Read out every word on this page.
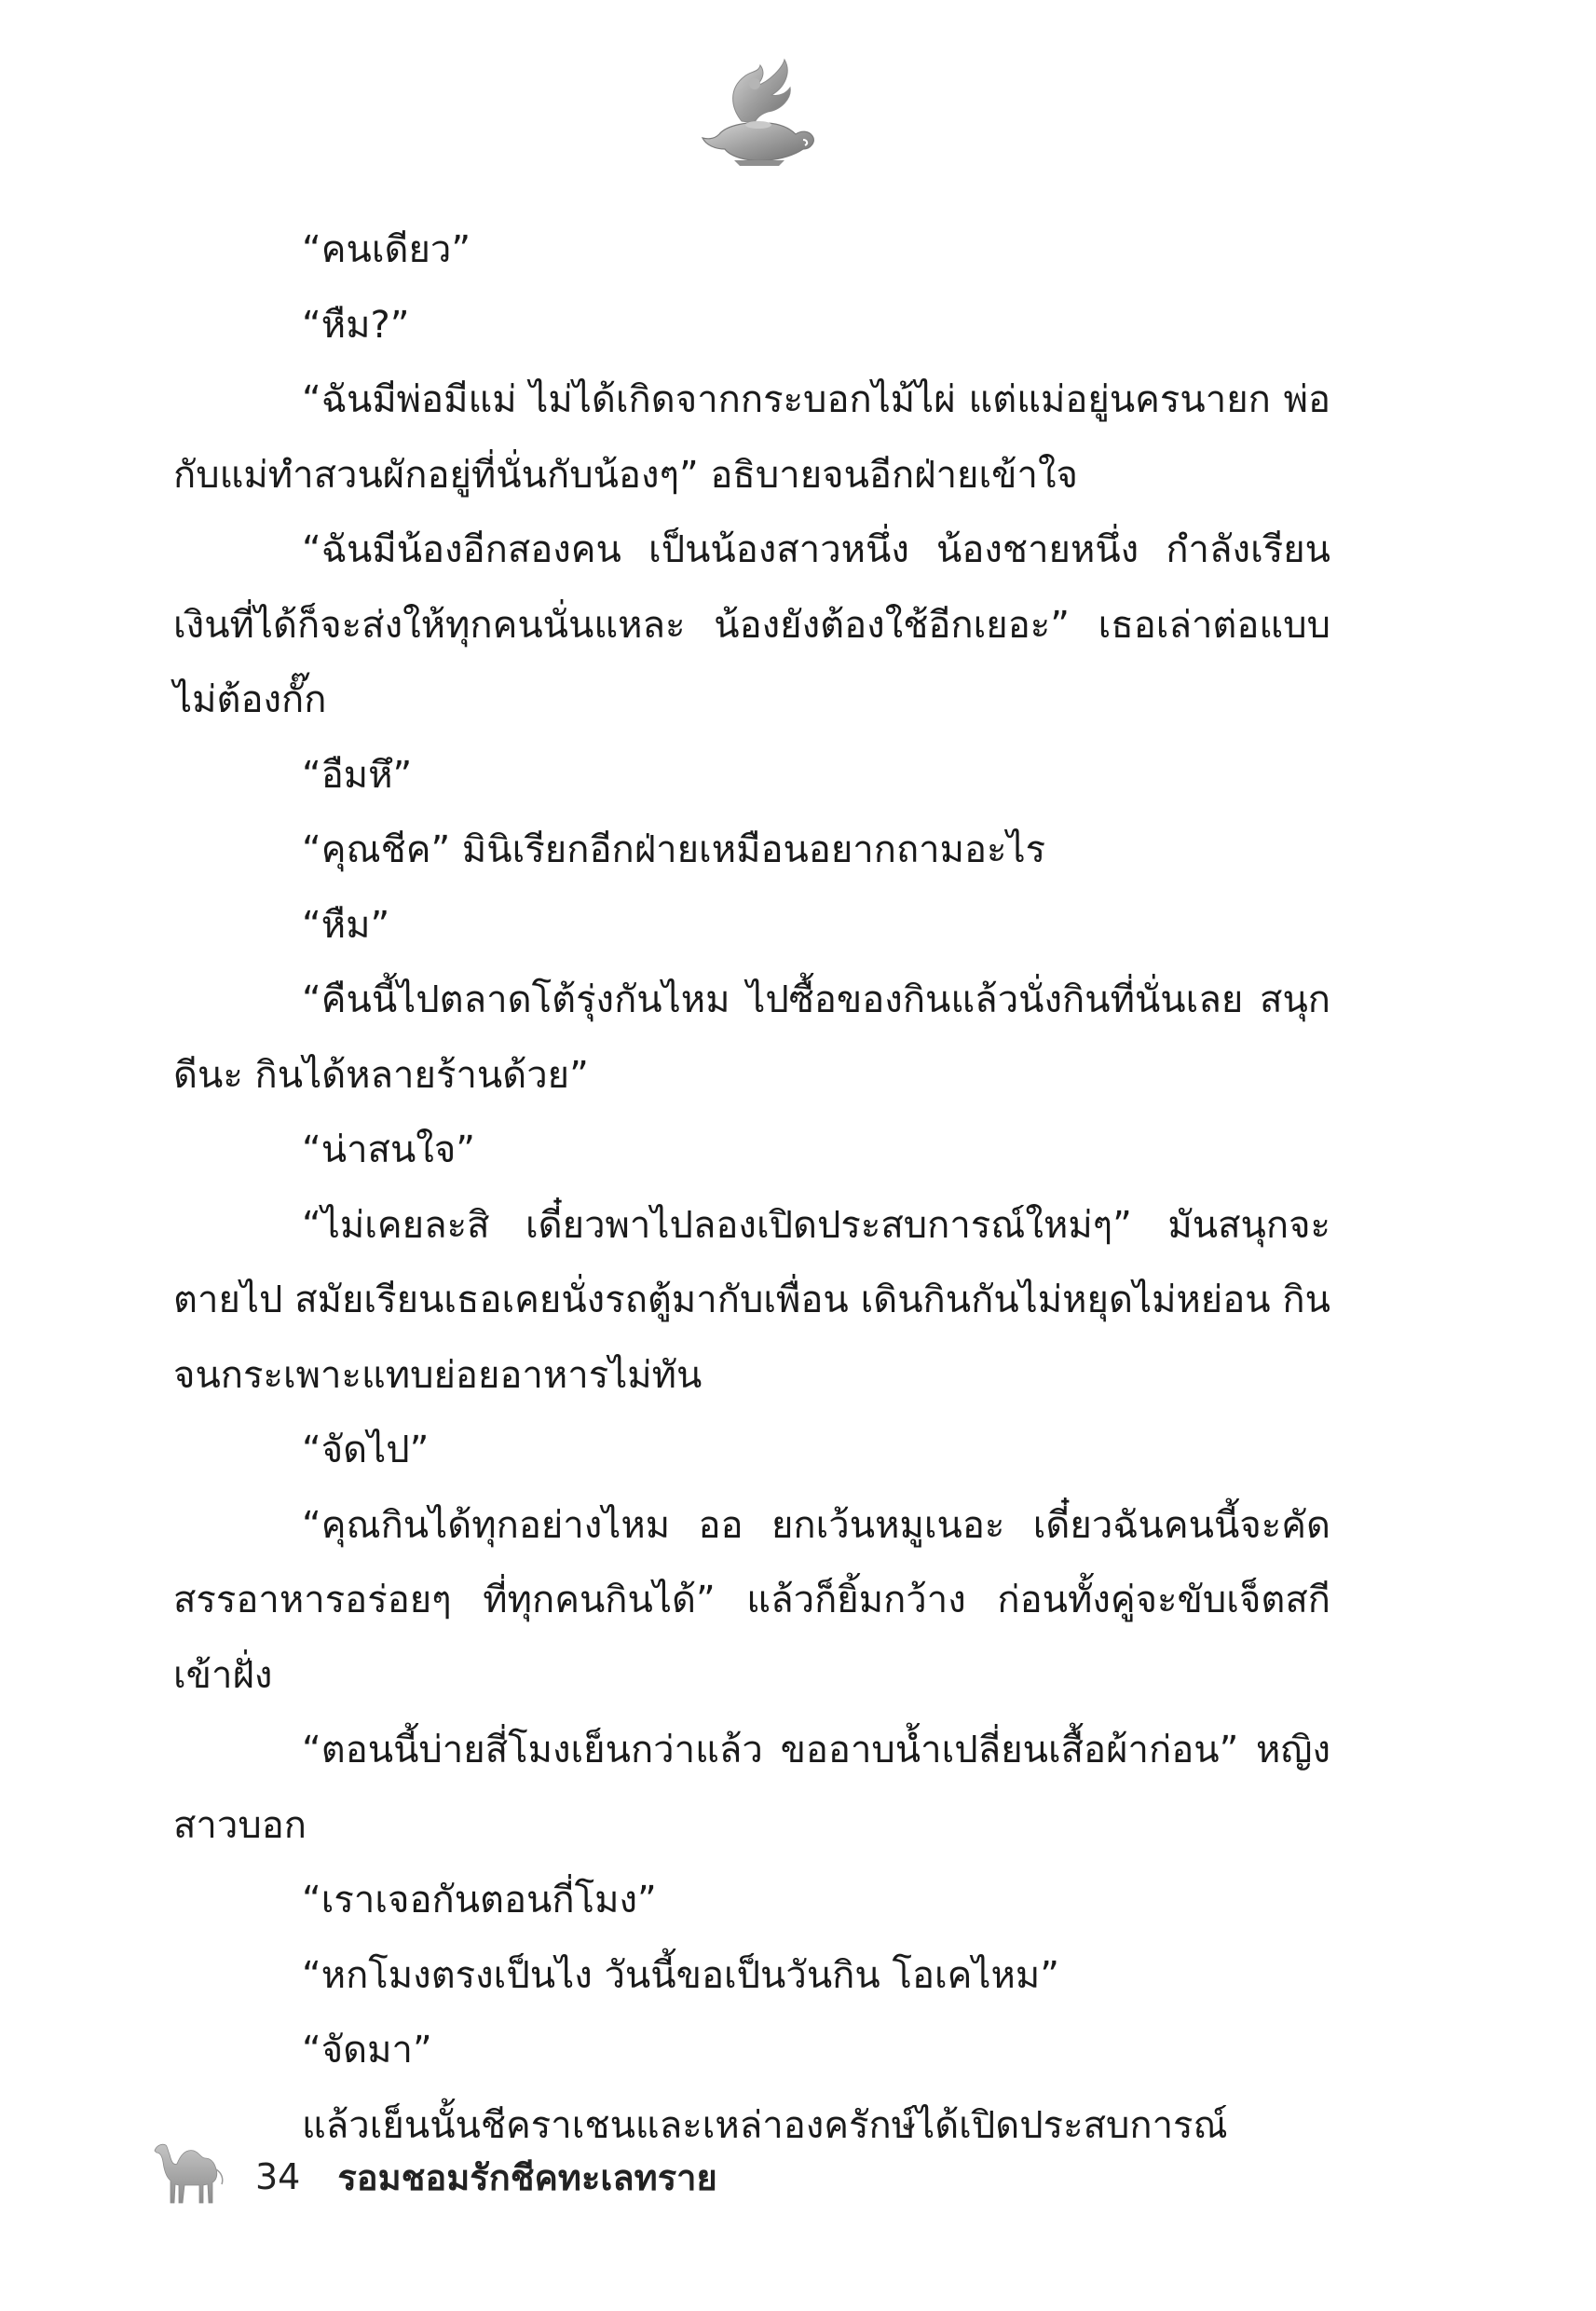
“คนเดียว”

“หืม?”

“ฉันมีพ่อมีแม่ ไม่ได้เกิดจากกระบอกไม้ไผ่ แต่แม่อยู่นครนายก พ่อกับแม่ทำสวนผักอยู่ที่นั่นกับน้องๆ” อธิบายจนอีกฝ่ายเข้าใจ

“ฉันมีน้องอีกสองคน เป็นน้องสาวหนึ่ง น้องชายหนึ่ง กำลังเรียน เงินที่ได้ก็จะส่งให้ทุกคนนั่นแหละ น้องยังต้องใช้อีกเยอะ” เธอเล่าต่อแบบไม่ต้องกั๊ก

“อืมหึ”

“คุณชีค” มินิเรียกอีกฝ่ายเหมือนอยากถามอะไร

“หืม”

“คืนนี้ไปตลาดโต้รุ่งกันไหม ไปซื้อของกินแล้วนั่งกินที่นั่นเลย สนุกดีนะ กินได้หลายร้านด้วย”

“น่าสนใจ”

“ไม่เคยละสิ เดี๋ยวพาไปลองเปิดประสบการณ์ใหม่ๆ” มันสนุกจะตายไป สมัยเรียนเธอเคยนั่งรถตู้มากับเพื่อน เดินกินกันไม่หยุดไม่หย่อน กินจนกระเพาะแทบย่อยอาหารไม่ทัน

“จัดไป”

“คุณกินได้ทุกอย่างไหม ออ ยกเว้นหมูเนอะ เดี๋ยวฉันคนนี้จะคัดสรรอาหารอร่อยๆ ที่ทุกคนกินได้” แล้วก็ยิ้มกว้าง ก่อนทั้งคู่จะขับเจ็ตสกีเข้าฝั่ง

“ตอนนี้บ่ายสี่โมงเย็นกว่าแล้ว ขออาบน้ำเปลี่ยนเสื้อผ้าก่อน” หญิงสาวบอก

“เราเจอกันตอนกี่โมง”

“หกโมงตรงเป็นไง วันนี้ขอเป็นวันกิน โอเคไหม”

“จัดมา”

แล้วเย็นนั้นชีคราเชนและเหล่าองครักษ์ได้เปิดประสบการณ์

34 รอมชอมรักชีคทะเลทราย
